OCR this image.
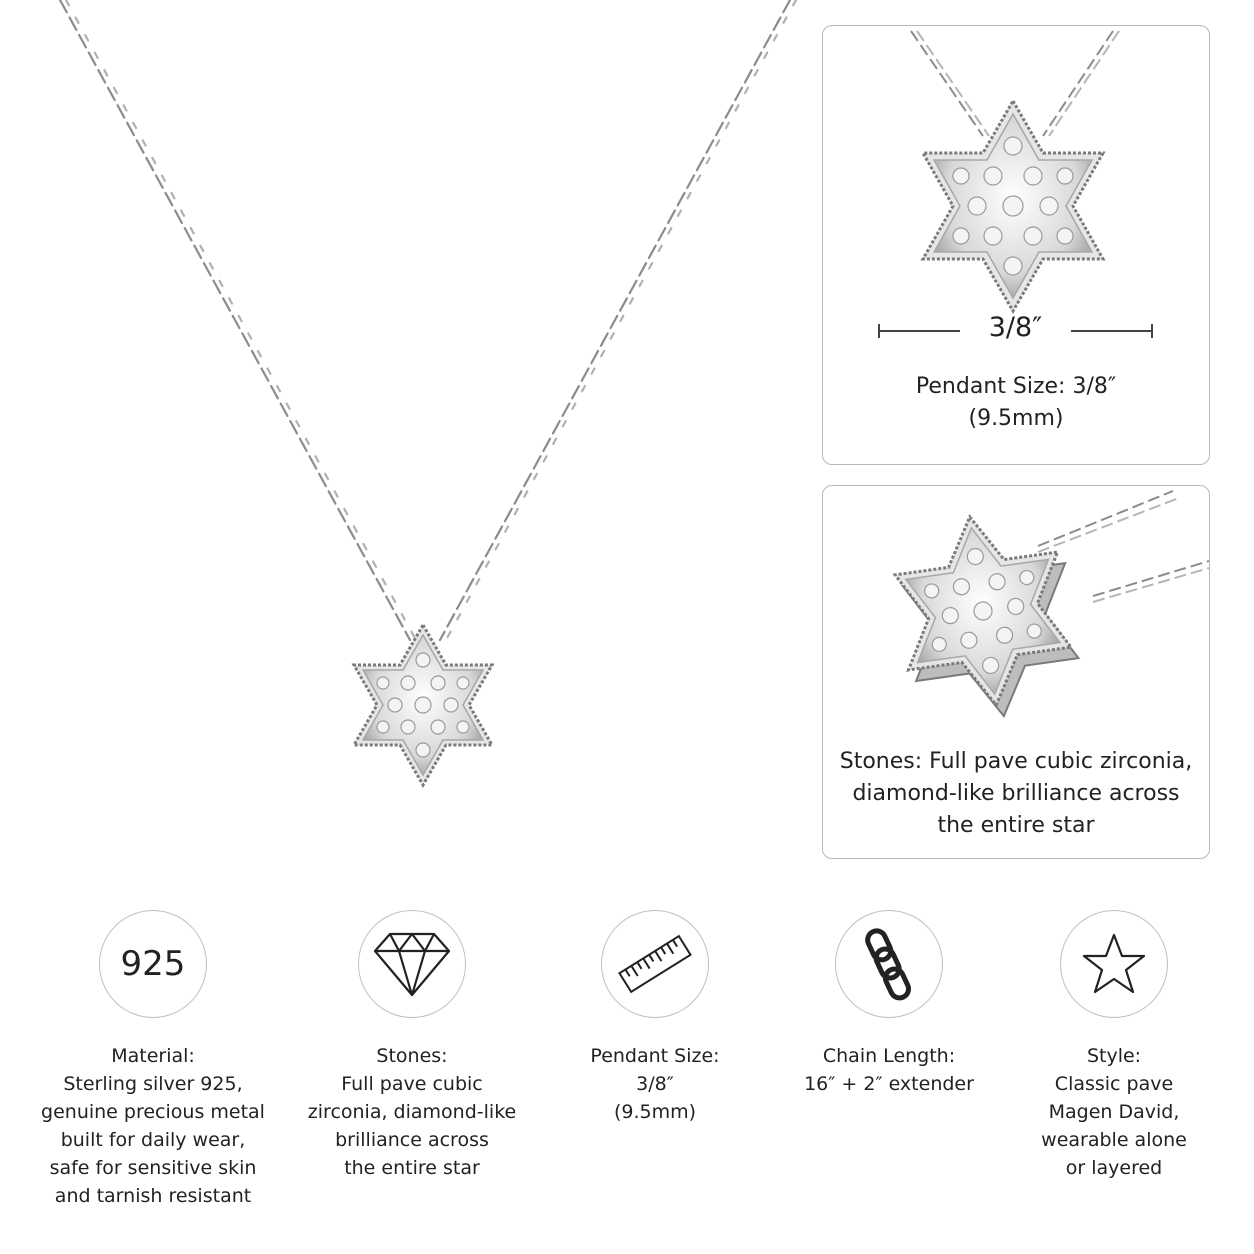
3/8″
Pendant Size: 3/8″
(9.5mm)
Stones: Full pave cubic zirconia,
diamond-like brilliance across
the entire star
925
Material:
Sterling silver 925,
genuine precious metal
built for daily wear,
safe for sensitive skin
and tarnish resistant
Stones:
Full pave cubic
zirconia, diamond-like
brilliance across
the entire star
Pendant Size:
3/8″
(9.5mm)
Chain Length:
16″ + 2″ extender
Style:
Classic pave
Magen David,
wearable alone
or layered
